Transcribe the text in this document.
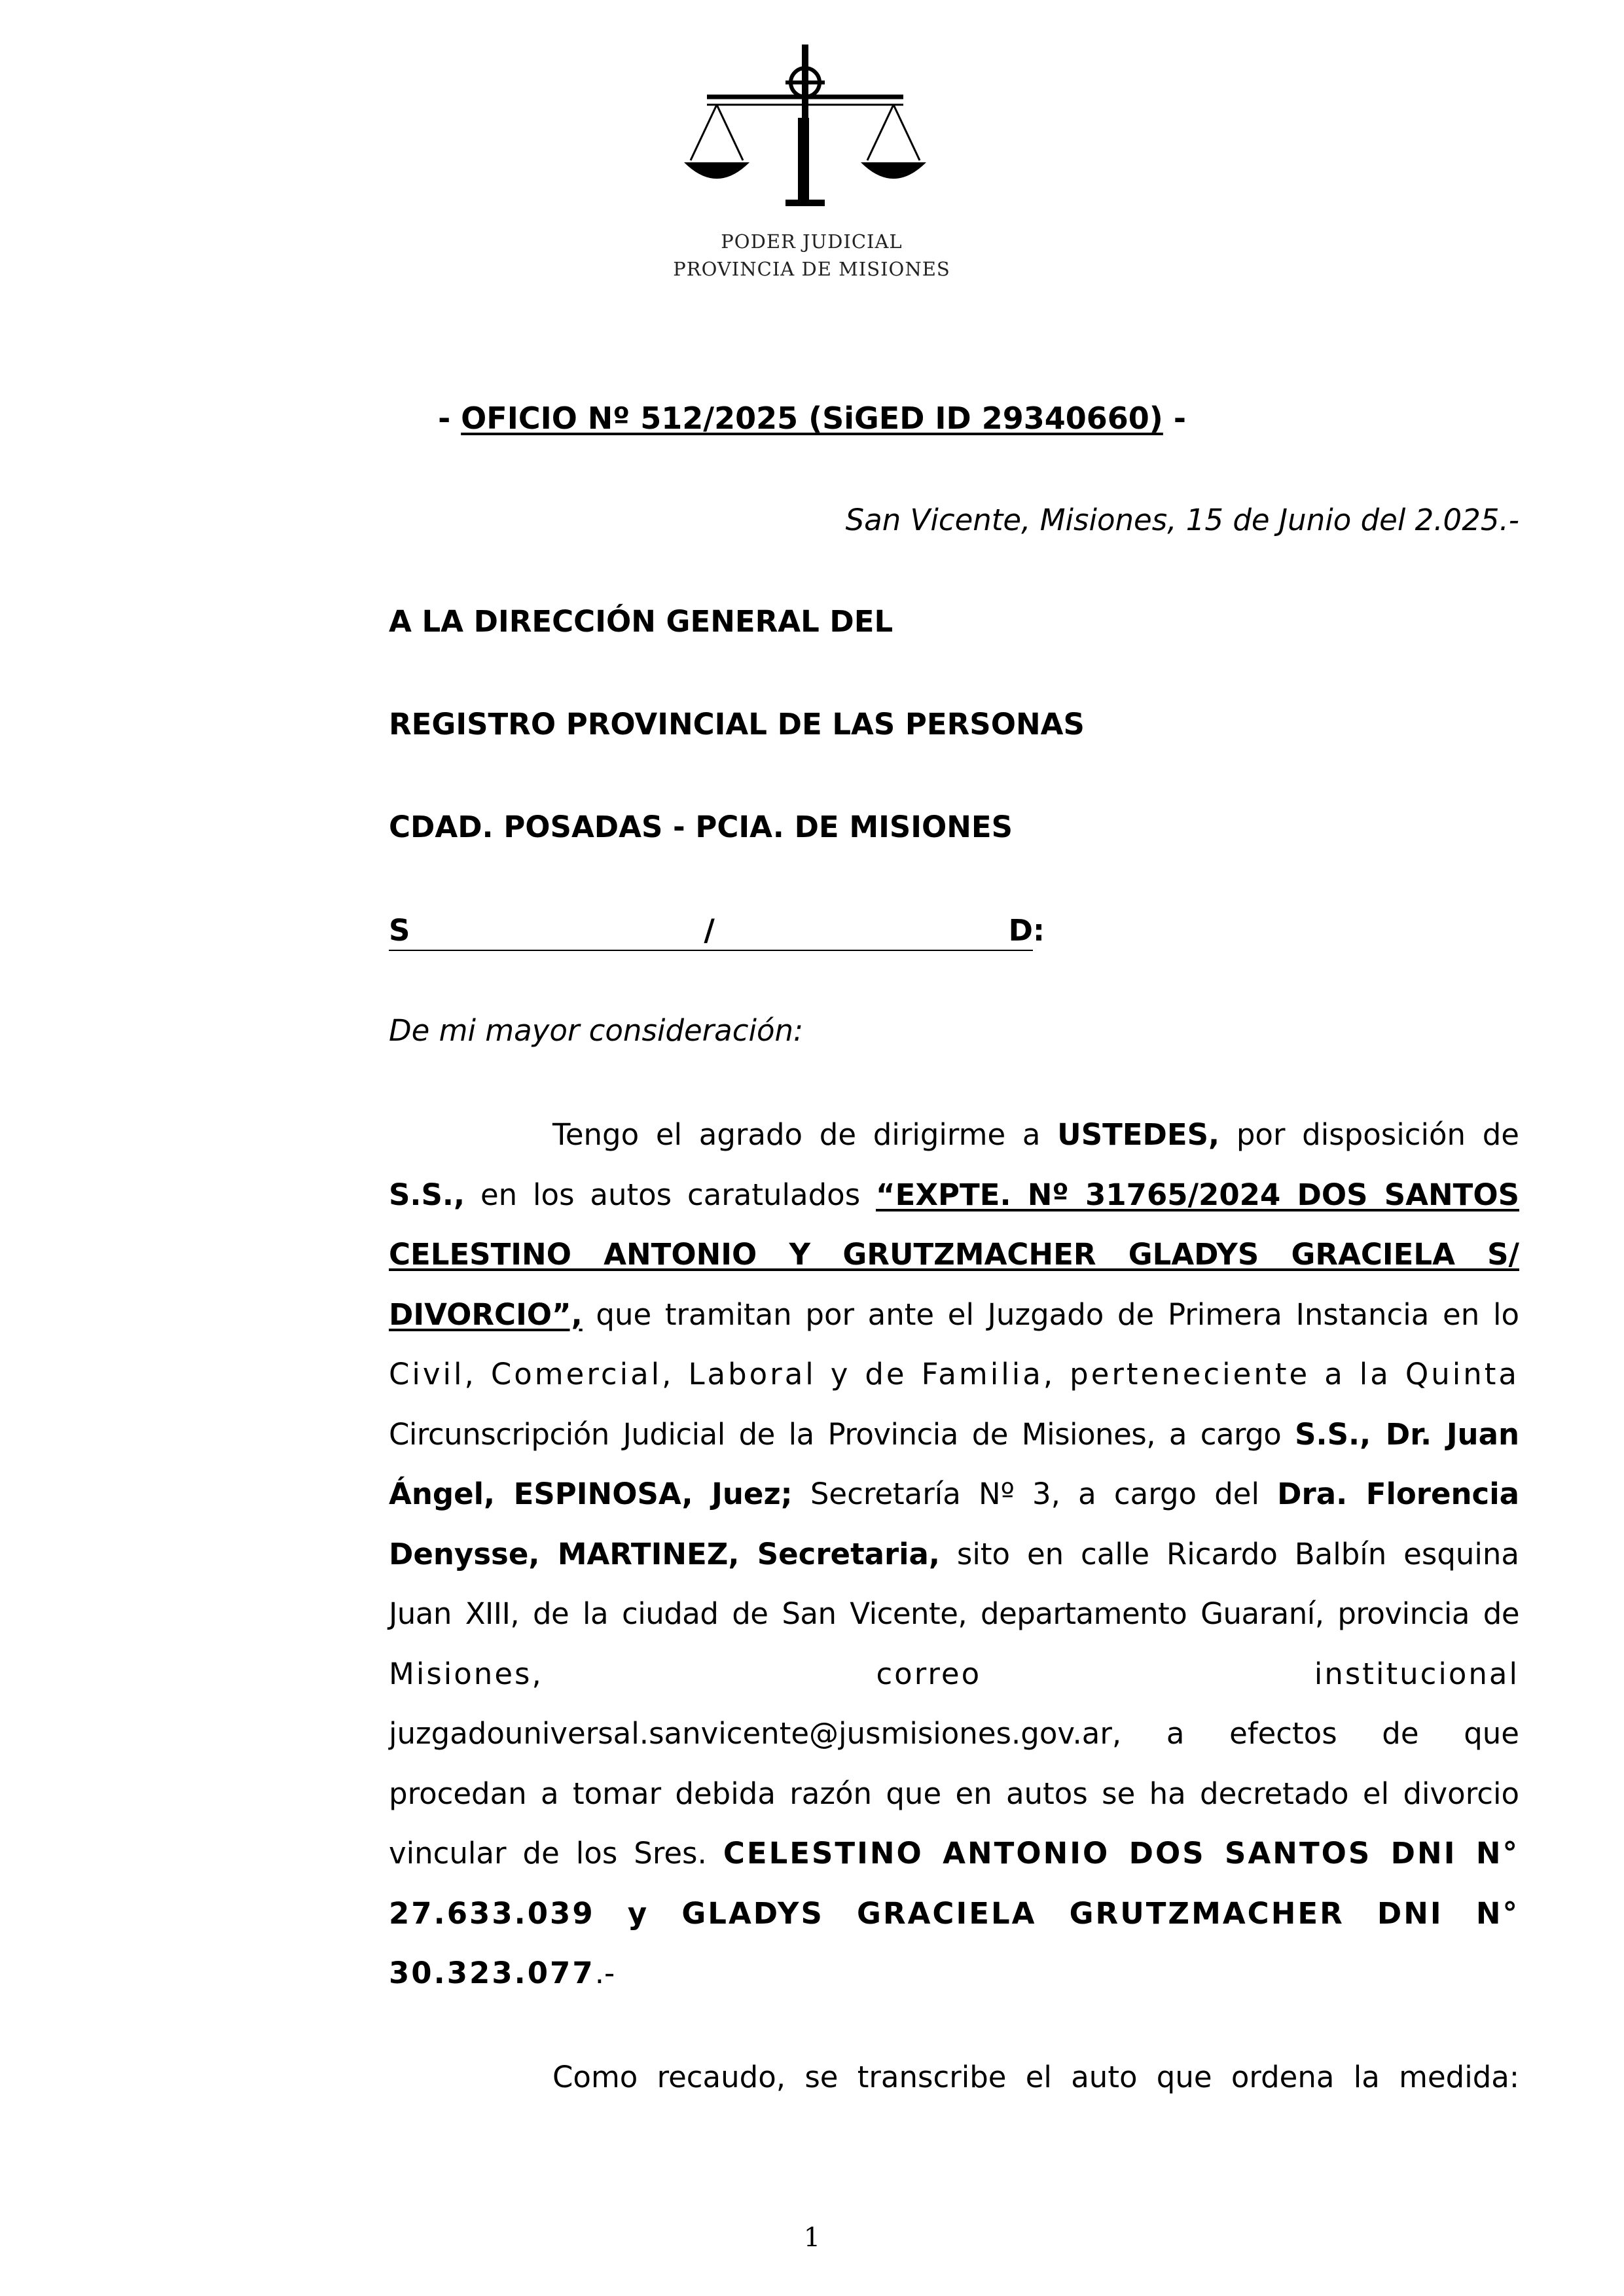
PODER JUDICIAL
PROVINCIA DE MISIONES
- OFICIO Nº 512/2025 (SiGED ID 29340660) -
San Vicente, Misiones, 15 de Junio del 2.025.-
A LA DIRECCIÓN GENERAL DEL
REGISTRO PROVINCIAL DE LAS PERSONAS
CDAD. POSADAS - PCIA. DE MISIONES
S	/	D :
De mi mayor consideración:

Tengo el agrado de dirigirme a USTEDES, por disposición de S.S., en los autos caratulados “EXPTE. Nº 31765/2024 DOS SANTOS CELESTINO ANTONIO Y GRUTZMACHER GLADYS GRACIELA S/ DIVORCIO”, que tramitan por ante el Juzgado de Primera Instancia en lo Civil, Comercial, Laboral y de Familia, perteneciente a la Quinta Circunscripción Judicial de la Provincia de Misiones, a cargo S.S., Dr. Juan Ángel, ESPINOSA, Juez; Secretaría Nº 3, a cargo del Dra. Florencia Denysse, MARTINEZ, Secretaria, sito en calle Ricardo Balbín esquina Juan XIII, de la ciudad de San Vicente, departamento Guaraní, provincia de Misiones, correo institucional juzgadouniversal.sanvicente@jusmisiones.gov.ar, a efectos de que procedan a tomar debida razón que en autos se ha decretado el divorcio vincular de los Sres. CELESTINO ANTONIO DOS SANTOS DNI N° 27.633.039 y GLADYS GRACIELA GRUTZMACHER DNI N° 30.323.077.-

Como recaudo, se transcribe el auto que ordena la medida:
1
